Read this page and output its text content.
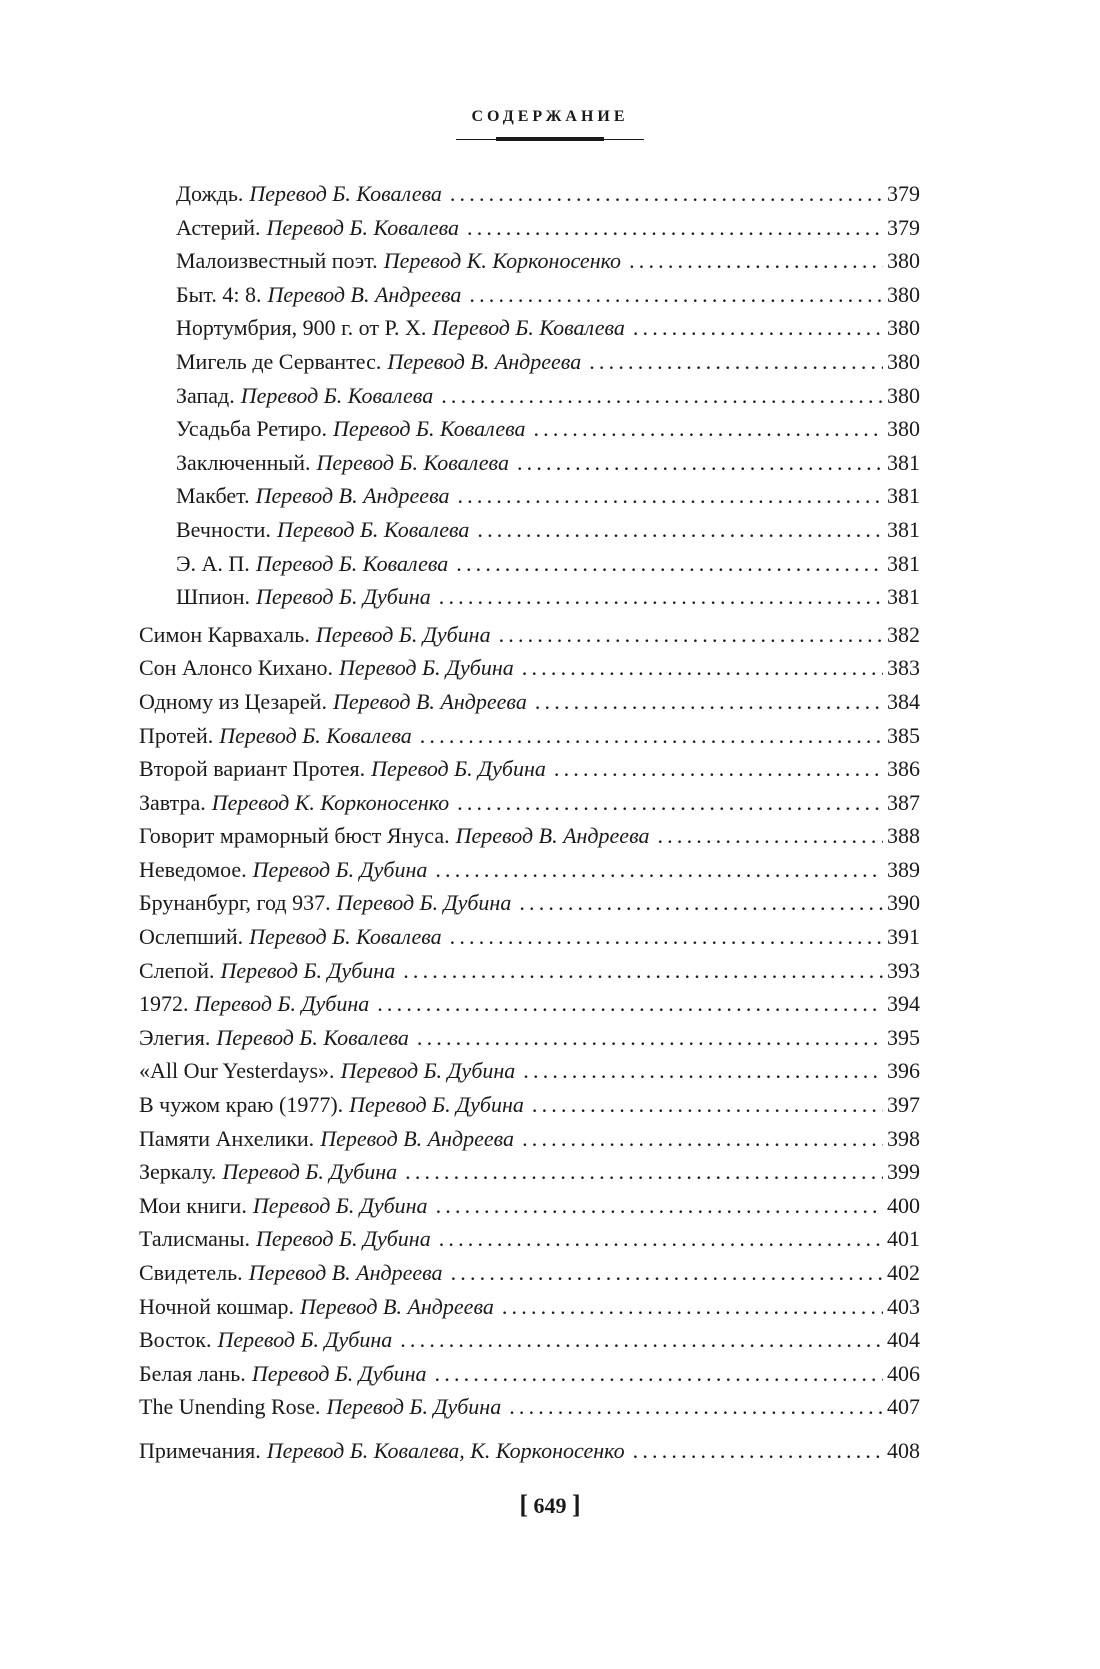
СОДЕРЖАНИЕ
Дождь. Перевод Б. Ковалева .....	379
Астерий. Перевод Б. Ковалева .....	379
Малоизвестный поэт. Перевод К. Корконосенко .....	380
Быт. 4: 8. Перевод В. Андреева .....	380
Нортумбрия, 900 г. от Р. Х. Перевод Б. Ковалева .....	380
Мигель де Сервантес. Перевод В. Андреева .....	380
Запад. Перевод Б. Ковалева .....	380
Усадьба Ретиро. Перевод Б. Ковалева .....	380
Заключенный. Перевод Б. Ковалева .....	381
Макбет. Перевод В. Андреева .....	381
Вечности. Перевод Б. Ковалева .....	381
Э. А. П. Перевод Б. Ковалева .....	381
Шпион. Перевод Б. Дубина .....	381
Симон Карвахаль. Перевод Б. Дубина .....	382
Сон Алонсо Кихано. Перевод Б. Дубина .....	383
Одному из Цезарей. Перевод В. Андреева .....	384
Протей. Перевод Б. Ковалева .....	385
Второй вариант Протея. Перевод Б. Дубина .....	386
Завтра. Перевод К. Корконосенко .....	387
Говорит мраморный бюст Януса. Перевод В. Андреева .....	388
Неведомое. Перевод Б. Дубина .....	389
Брунанбург, год 937. Перевод Б. Дубина .....	390
Ослепший. Перевод Б. Ковалева .....	391
Слепой. Перевод Б. Дубина .....	393
1972. Перевод Б. Дубина .....	394
Элегия. Перевод Б. Ковалева .....	395
«All Our Yesterdays». Перевод Б. Дубина .....	396
В чужом краю (1977). Перевод Б. Дубина .....	397
Памяти Анхелики. Перевод В. Андреева .....	398
Зеркалу. Перевод Б. Дубина .....	399
Мои книги. Перевод Б. Дубина .....	400
Талисманы. Перевод Б. Дубина .....	401
Свидетель. Перевод В. Андреева .....	402
Ночной кошмар. Перевод В. Андреева .....	403
Восток. Перевод Б. Дубина .....	404
Белая лань. Перевод Б. Дубина .....	406
The Unending Rose. Перевод Б. Дубина .....	407
Примечания. Перевод Б. Ковалева, К. Корконосенко .....	408
[ 649 ]
